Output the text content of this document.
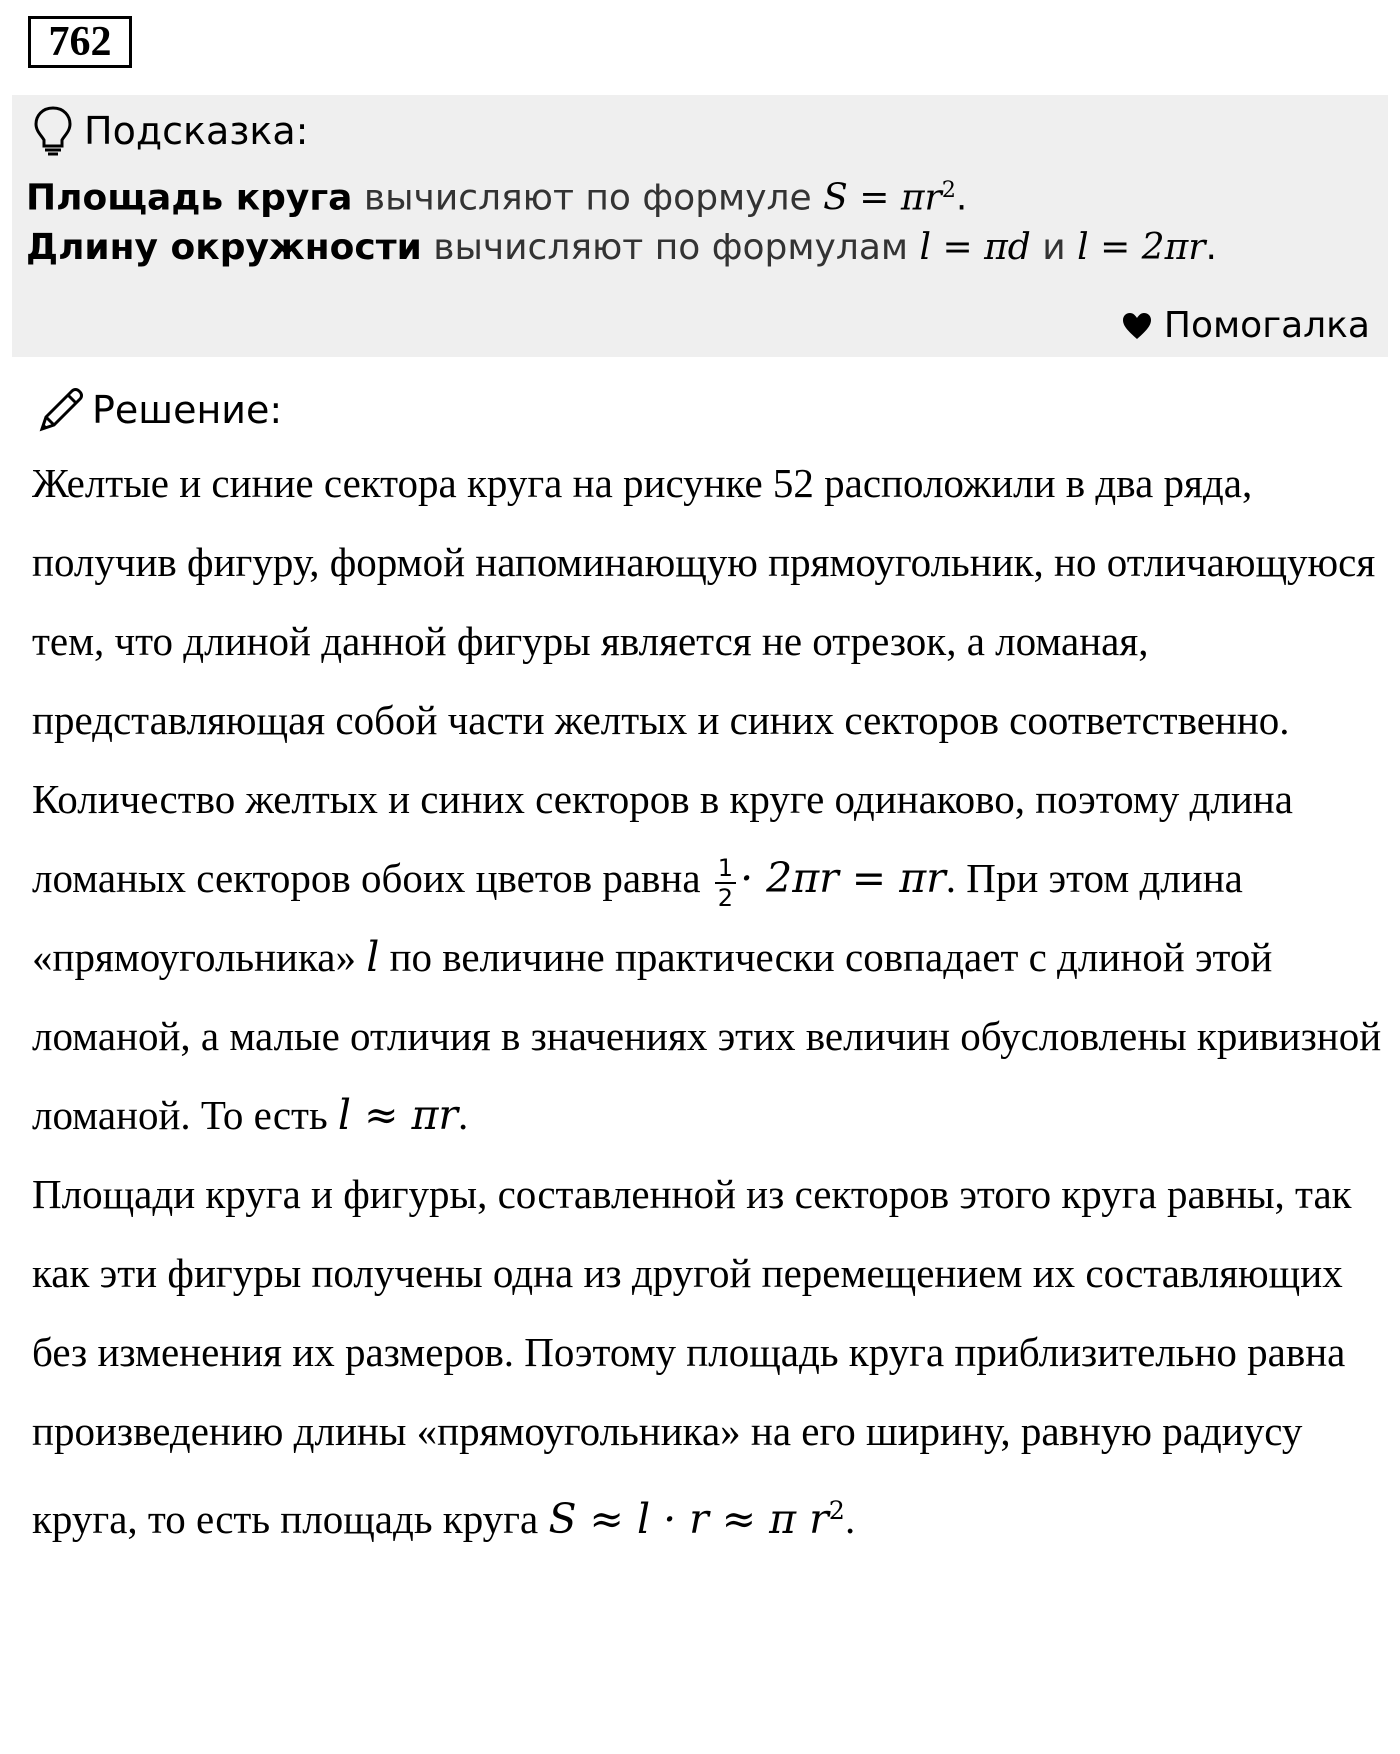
762
Подсказка:
Площадь круга вычисляют по формуле $S = \pi r^2$.
Длину окружности вычисляют по формулам l = πd и l = 2πr.
Помогалка
Решение:

Желтые и синие сектора круга на рисунке 52 расположили в два ряда, получив фигуру, формой напоминающую прямоугольник, но отличающуюся тем, что длиной данной фигуры является не отрезок, а ломаная, представляющая собой части желтых и синих секторов соответственно. Количество желтых и синих секторов в круге одинаково, поэтому длина ломаных секторов обоих цветов равна $\frac{1}{2} \cdot 2\pi r = \pi r$. При этом длина «прямоугольника» l по величине практически совпадает с длиной этой ломаной, а малые отличия в значениях этих величин обусловлены кривизной ломаной. То есть l ≈ πr.

Площади круга и фигуры, составленной из секторов этого круга равны, так как эти фигуры получены одна из другой перемещением их составляющих без изменения их размеров. Поэтому площадь круга приблизительно равна произведению длины «прямоугольника» на его ширину, равную радиусу круга, то есть площадь круга S ≈ l · r ≈ π $r^2$.
